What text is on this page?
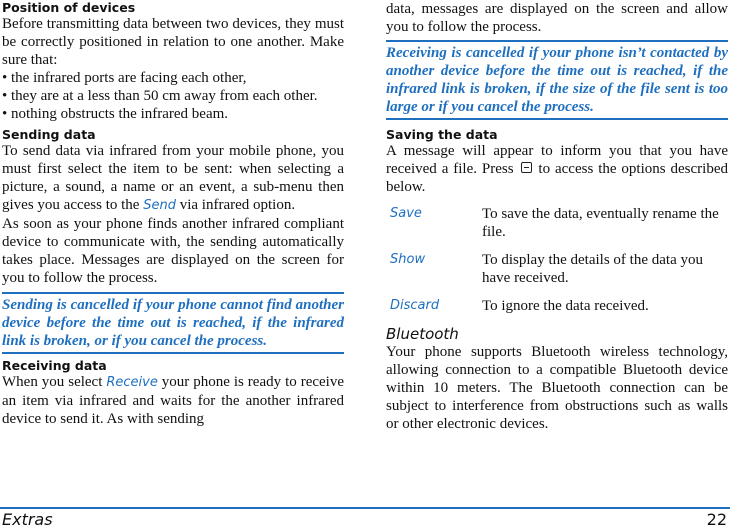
Position of devices

Before transmitting data between two devices, they must be correctly positioned in relation to one another. Make sure that:

• the infrared ports are facing each other,
• they are at a less than 50 cm away from each other.
• nothing obstructs the infrared beam.
Sending data

To send data via infrared from your mobile phone, you must first select the item to be sent: when selecting a picture, a sound, a name or an event, a sub-menu then gives you access to the Send via infrared option.

As soon as your phone finds another infrared compliant device to communicate with, the sending automatically takes place. Messages are displayed on the screen for you to follow the process.

Sending is cancelled if your phone cannot find another device before the time out is reached, if the infrared link is broken, or if you cancel the process.
Receiving data

When you select Receive your phone is ready to receive an item via infrared and waits for the another infrared device to send it. As with sending

data, messages are displayed on the screen and allow you to follow the process.

Receiving is cancelled if your phone isn’t contacted by another device before the time out is reached, if the infrared link is broken, if the size of the file sent is too large or if you cancel the process.
Saving the data

A message will appear to inform you that you have received a file. Press  to access the options described below.

Save	To save the data, eventually rename the file.
Show	To display the details of the data you have received.
Discard	To ignore the data received.
Bluetooth

Your phone supports Bluetooth wireless technology, allowing connection to a compatible Bluetooth device within 10 meters. The Bluetooth connection can be subject to interference from obstructions such as walls or other electronic devices.

Extras	22
